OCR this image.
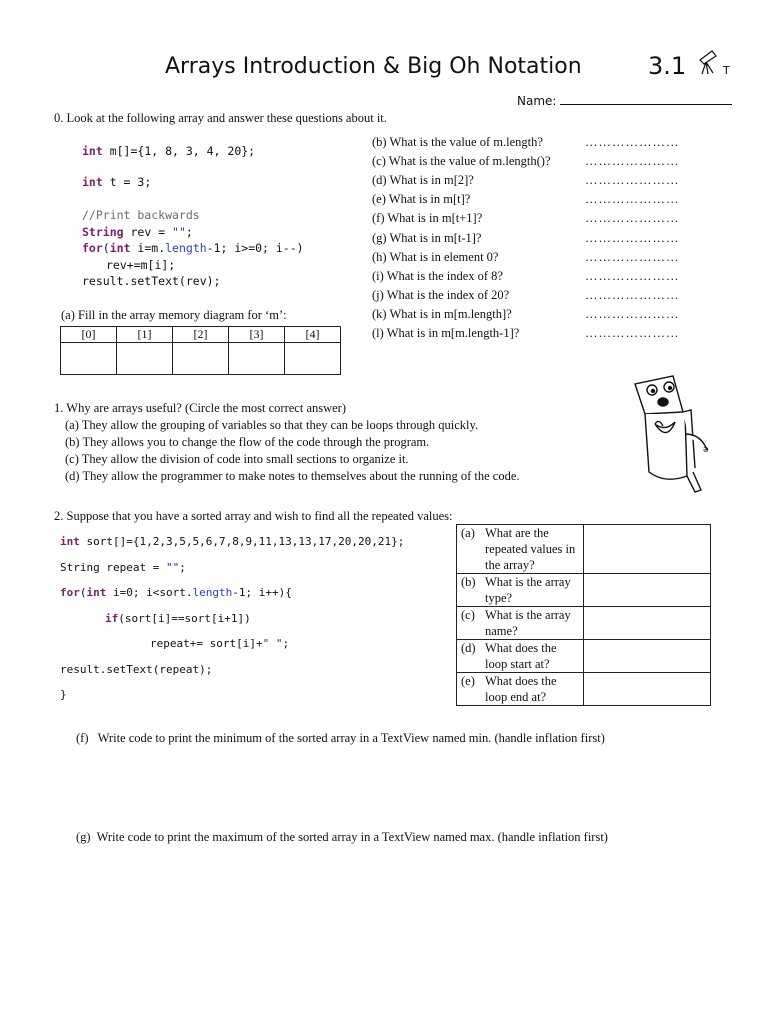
Arrays Introduction & Big Oh Notation	3.1	T
Name:
0. Look at the following array and answer these questions about it.
int m[]={1, 8, 3, 4, 20};
int t = 3;
//Print backwards
String rev = "";
for(int i=m.length-1; i>=0; i--)
rev+=m[i];
result.setText(rev);
(b) What is the value of m.length?	…………………
(c) What is the value of m.length()?	…………………
(d) What is in m[2]?	…………………
(e) What is in m[t]?	…………………
(f) What is in m[t+1]?	…………………
(g) What is in m[t-1]?	…………………
(h) What is in element 0?	…………………
(i) What is the index of 8?	…………………
(j) What is the index of 20?	…………………
(k) What is in m[m.length]?	…………………
(l) What is in m[m.length-1]?	…………………
(a) Fill in the array memory diagram for ‘m’:
[0]	[1]	[2]	[3]	[4]

1. Why are arrays useful? (Circle the most correct answer)
(a) They allow the grouping of variables so that they can be loops through quickly.
(b) They allows you to change the flow of the code through the program.
(c) They allow the division of code into small sections to organize it.
(d) They allow the programmer to make notes to themselves about the running of the code.
ə
2. Suppose that you have a sorted array and wish to find all the repeated values:
int sort[]={1,2,3,5,5,6,7,8,9,11,13,13,17,20,20,21};
String repeat = "";
for(int i=0; i<sort.length-1; i++){
if(sort[i]==sort[i+1])
repeat+= sort[i]+" ";
result.setText(repeat);
}
(a) What are the repeated values in the array?	
(b) What is the array type?	
(c) What is the array name?	
(d) What does the loop start at?	
(e) What does the loop end at?	
(f)   Write code to print the minimum of the sorted array in a TextView named min. (handle inflation first)
(g)  Write code to print the maximum of the sorted array in a TextView named max. (handle inflation first)
